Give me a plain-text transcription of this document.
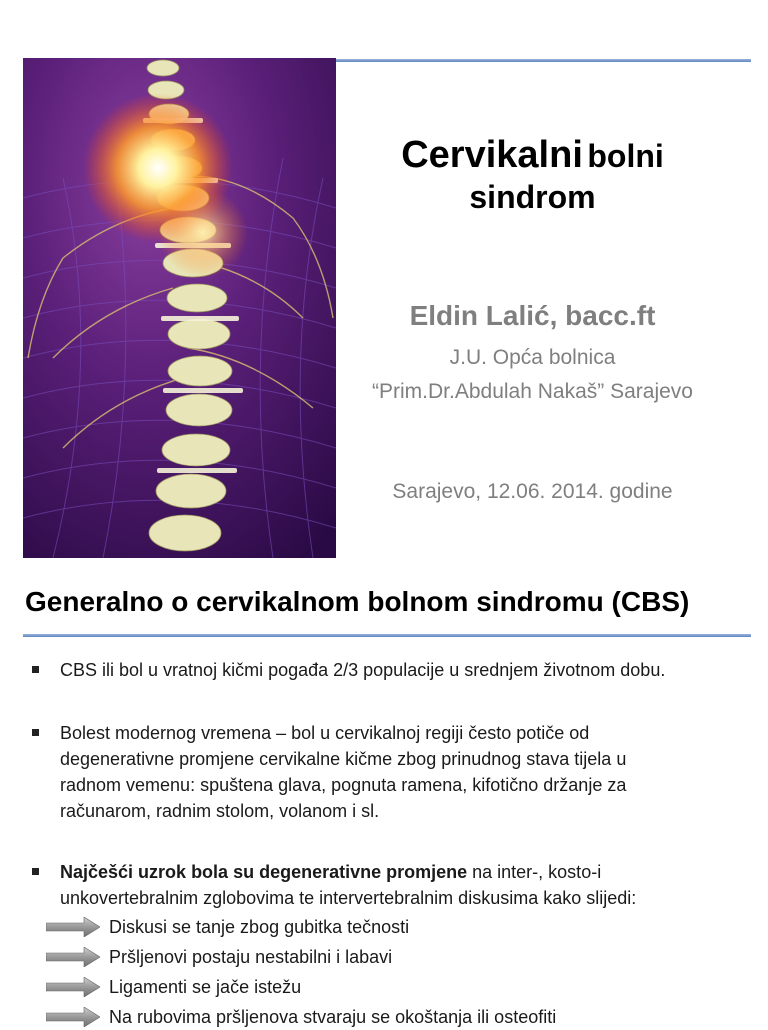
Cervikalni bolni
sindrom
Eldin Lalić, bacc.ft
J.U. Opća bolnica
“Prim.Dr.Abdulah Nakaš” Sarajevo
Sarajevo, 12.06. 2014. godine
Generalno o cervikalnom bolnom sindromu (CBS)
CBS ili bol u vratnoj kičmi pogađa 2/3 populacije u srednjem životnom dobu.
Bolest modernog vremena – bol u cervikalnoj regiji često potiče od
degenerativne promjene cervikalne kičme zbog prinudnog stava tijela u
radnom vemenu: spuštena glava, pognuta ramena, kifotično držanje za
računarom, radnim stolom, volanom i sl.
Najčešći uzrok bola su degenerativne promjene na inter-, kosto-i
unkovertebralnim zglobovima te intervertebralnim diskusima kako slijedi:
Diskusi se tanje zbog gubitka tečnosti
Pršljenovi postaju nestabilni i labavi
Ligamenti se jače istežu
Na rubovima pršljenova stvaraju se okoštanja ili osteofiti
